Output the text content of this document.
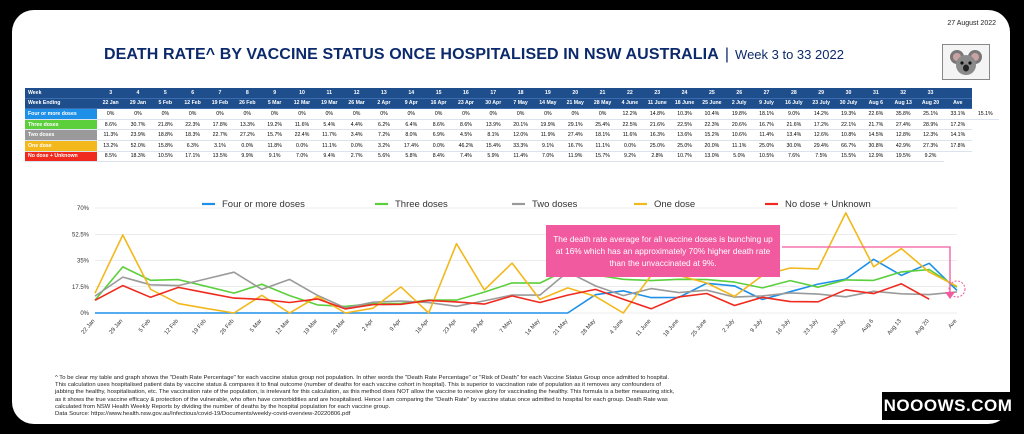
27 August 2022
DEATH RATE^ BY VACCINE STATUS ONCE HOSPITALISED IN NSW AUSTRALIA | Week 3 to 33 2022
Week	3	4	5	6	7	8	9	10	11	12	13	14	15	16	17	18	19	20	21	22	23	24	25	26	27	28	29	30	31	32	33		
Week Ending	22 Jan	29 Jan	5 Feb	12 Feb	19 Feb	26 Feb	5 Mar	12 Mar	19 Mar	26 Mar	2 Apr	9 Apr	16 Apr	23 Apr	30 Apr	7 May	14 May	21 May	28 May	4 June	11 June	18 June	25 June	2 July	9 July	16 July	23 July	30 July	Aug 6	Aug 13	Aug 20	Ave	
Four or more doses	0%	0%	0%	0%	0%	0%	0%	0%	0%	0%	0%	0%	0%	0%	0%	0%	0%	0%	0%	12.2%	14.8%	10.3%	10.4%	19.8%	18.1%	9.0%	14.2%	19.3%	22.6%	35.8%	25.1%	33.1%	15.1%
Three doses	8.6%	30.7%	21.8%	22.3%	17.8%	13.3%	19.2%	11.6%	5.4%	4.4%	6.2%	6.4%	8.6%	8.6%	13.9%	20.1%	19.9%	29.1%	25.4%	22.5%	21.6%	22.5%	22.3%	20.6%	16.7%	21.6%	17.2%	22.1%	21.7%	27.4%	28.9%	17.2%	
Two doses	11.3%	23.9%	18.8%	18.3%	22.7%	27.2%	15.7%	22.4%	11.7%	3.4%	7.2%	8.0%	6.9%	4.5%	8.1%	12.0%	11.9%	27.4%	18.1%	11.6%	16.3%	13.6%	15.2%	10.6%	11.4%	13.4%	12.6%	10.8%	14.5%	12.8%	12.3%	14.1%	
One dose	13.2%	52.0%	15.8%	6.3%	3.1%	0.0%	11.8%	0.0%	11.1%	0.0%	3.2%	17.4%	0.0%	46.2%	15.4%	33.3%	9.1%	16.7%	11.1%	0.0%	25.0%	25.0%	20.0%	11.1%	25.0%	30.0%	29.4%	66.7%	30.8%	42.9%	27.3%	17.8%	
No dose + Unknown	8.5%	18.3%	10.5%	17.1%	13.5%	9.9%	9.1%	7.0%	9.4%	2.7%	5.6%	5.8%	8.4%	7.4%	5.9%	11.4%	7.0%	11.9%	15.7%	9.2%	2.8%	10.7%	13.0%	5.0%	10.5%	7.6%	7.5%	15.5%	12.9%	19.5%	9.2%		
0%
17.5%
35%
52.5%
70%
22 Jan 29 Jan 5 Feb 12 Feb 19 Feb 26 Feb 5 Mar 12 Mar 19 Mar 26 Mar	2 Apr	9 Apr 16 Apr 23 Apr 30 Apr 7 May 14 May 21 May 28 May 4 June 11 June 18 June 25 June 2 July 9 July 16 July 23 July 30 July Aug 6 Aug 13 Aug 20	Ave
Four or more doses	Three doses	Two doses	One dose	No dose + Unknown
The death rate average for all vaccine doses is bunching up at 16% which has an approximately 70% higher death rate than the unvaccinated at 9%.
^ To be clear my table and graph shows the "Death Rate Percentage" for each vaccine status group not population. In other words the "Death Rate Percentage" or "Risk of Death" for each Vaccine Status Group once admitted to hospital.
This calculation uses hospitalised patient data by vaccine status & compares it to final outcome (number of deaths for each vaccine cohort in hospital). This is superior to vaccination rate of population as it removes any confounders of
jabbing the healthy, hospitalisation, etc. The vaccination rate of the population, is irrelevant for this calculation, as this method does NOT allow the vaccine to receive glory for vaccinating the healthy. This formula is a better measuring stick,
as it shows the true vaccine efficacy & protection of the vulnerable, who often have comorbidities and are hospitalised. Hence I am comparing the "Death Rate" by vaccine status once admitted to hospital for each group. Death Rate was
calculated from NSW Health Weekly Reports by dividing the number of deaths by the hospital population for each vaccine group.
Data Source: https://www.health.nsw.gov.au/Infectious/covid-19/Documents/weekly-covid-overview-20220806.pdf	NOOOWS.COM
